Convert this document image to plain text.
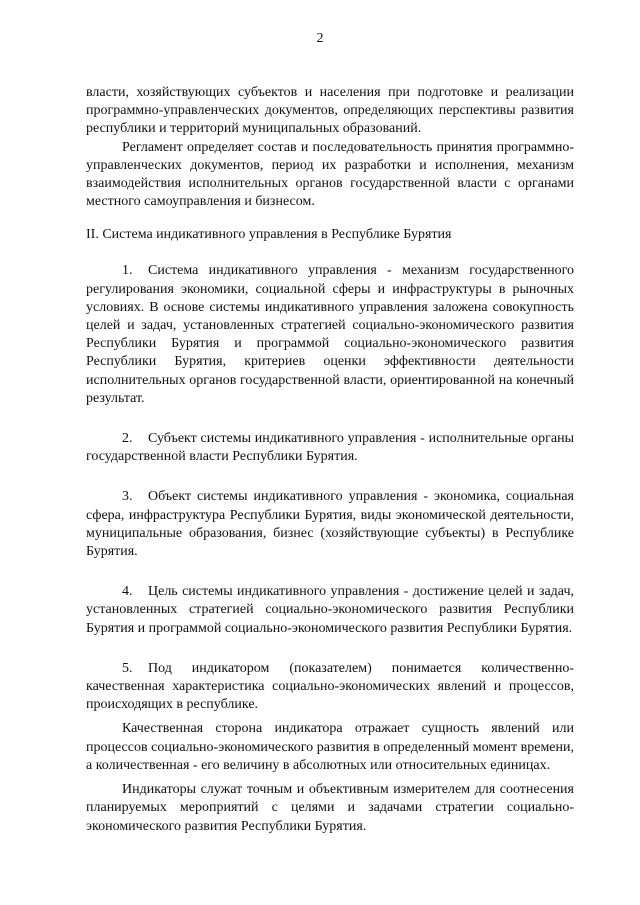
2

власти, хозяйствующих субъектов и населения при подготовке и реализации программно-управленческих документов, определяющих перспективы развития республики и территорий муниципальных образований.

Регламент определяет состав и последовательность принятия программно-управленческих документов, период их разработки и исполнения, механизм взаимодействия исполнительных органов государственной власти с органами местного самоуправления и бизнесом.

II. Система индикативного управления в Республике Бурятия

1. Система индикативного управления - механизм государственного регулирования экономики, социальной сферы и инфраструктуры в рыночных условиях. В основе системы индикативного управления заложена совокупность целей и задач, установленных стратегией социально-экономического развития Республики Бурятия и программой социально-экономического развития Республики Бурятия, критериев оценки эффективности деятельности исполнительных органов государственной власти, ориентированной на конечный результат.

2. Субъект системы индикативного управления - исполнительные органы государственной власти Республики Бурятия.

3. Объект системы индикативного управления - экономика, социальная сфера, инфраструктура Республики Бурятия, виды экономической деятельности, муниципальные образования, бизнес (хозяйствующие субъекты) в Республике Бурятия.

4. Цель системы индикативного управления - достижение целей и задач, установленных стратегией социально-экономического развития Республики Бурятия и программой социально-экономического развития Республики Бурятия.

5. Под индикатором (показателем) понимается количественно-качественная характеристика социально-экономических явлений и процессов, происходящих в республике.

Качественная сторона индикатора отражает сущность явлений или процессов социально-экономического развития в определенный момент времени, а количественная - его величину в абсолютных или относительных единицах.

Индикаторы служат точным и объективным измерителем для соотнесения планируемых мероприятий с целями и задачами стратегии социально-экономического развития Республики Бурятия.
